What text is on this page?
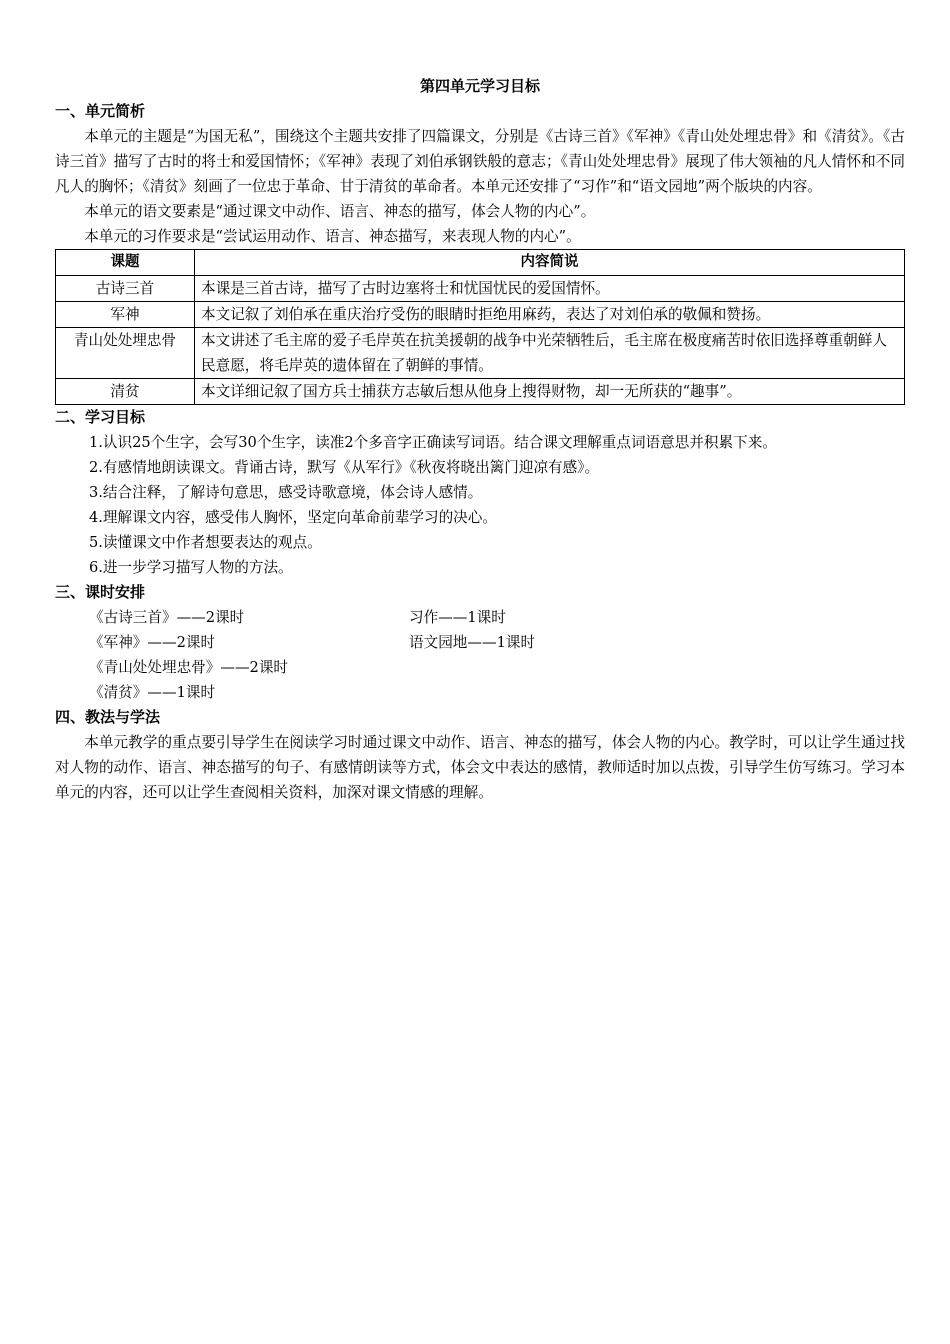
第四单元学习目标

一、单元简析

本单元的主题是“为国无私”，围绕这个主题共安排了四篇课文，分别是《古诗三首》《军神》《青山处处埋忠骨》和《清贫》。《古诗三首》描写了古时的将士和爱国情怀；《军神》表现了刘伯承钢铁般的意志；《青山处处埋忠骨》展现了伟大领袖的凡人情怀和不同凡人的胸怀；《清贫》刻画了一位忠于革命、甘于清贫的革命者。本单元还安排了“习作”和“语文园地”两个版块的内容。

本单元的语文要素是“通过课文中动作、语言、神态的描写，体会人物的内心”。

本单元的习作要求是“尝试运用动作、语言、神态描写，来表现人物的内心”。

课题	内容简说
古诗三首	本课是三首古诗，描写了古时边塞将士和忧国忧民的爱国情怀。
军神	本文记叙了刘伯承在重庆治疗受伤的眼睛时拒绝用麻药，表达了对刘伯承的敬佩和赞扬。
青山处处埋忠骨	本文讲述了毛主席的爱子毛岸英在抗美援朝的战争中光荣牺牲后，毛主席在极度痛苦时依旧选择尊重朝鲜人民意愿，将毛岸英的遗体留在了朝鲜的事情。
清贫	本文详细记叙了国方兵士捕获方志敏后想从他身上搜得财物，却一无所获的“趣事”。

二、学习目标

1.认识25个生字，会写30个生字，读准2个多音字正确读写词语。结合课文理解重点词语意思并积累下来。

2.有感情地朗读课文。背诵古诗，默写《从军行》《秋夜将晓出篱门迎凉有感》。

3.结合注释，了解诗句意思，感受诗歌意境，体会诗人感情。

4.理解课文内容，感受伟人胸怀，坚定向革命前辈学习的决心。

5.读懂课文中作者想要表达的观点。

6.进一步学习描写人物的方法。

三、课时安排

《古诗三首》——2课时	习作——1课时
《军神》——2课时	语文园地——1课时
《青山处处埋忠骨》——2课时
《清贫》——1课时

四、教法与学法

本单元教学的重点要引导学生在阅读学习时通过课文中动作、语言、神态的描写，体会人物的内心。教学时，可以让学生通过找对人物的动作、语言、神态描写的句子、有感情朗读等方式，体会文中表达的感情，教师适时加以点拨，引导学生仿写练习。学习本单元的内容，还可以让学生查阅相关资料，加深对课文情感的理解。
